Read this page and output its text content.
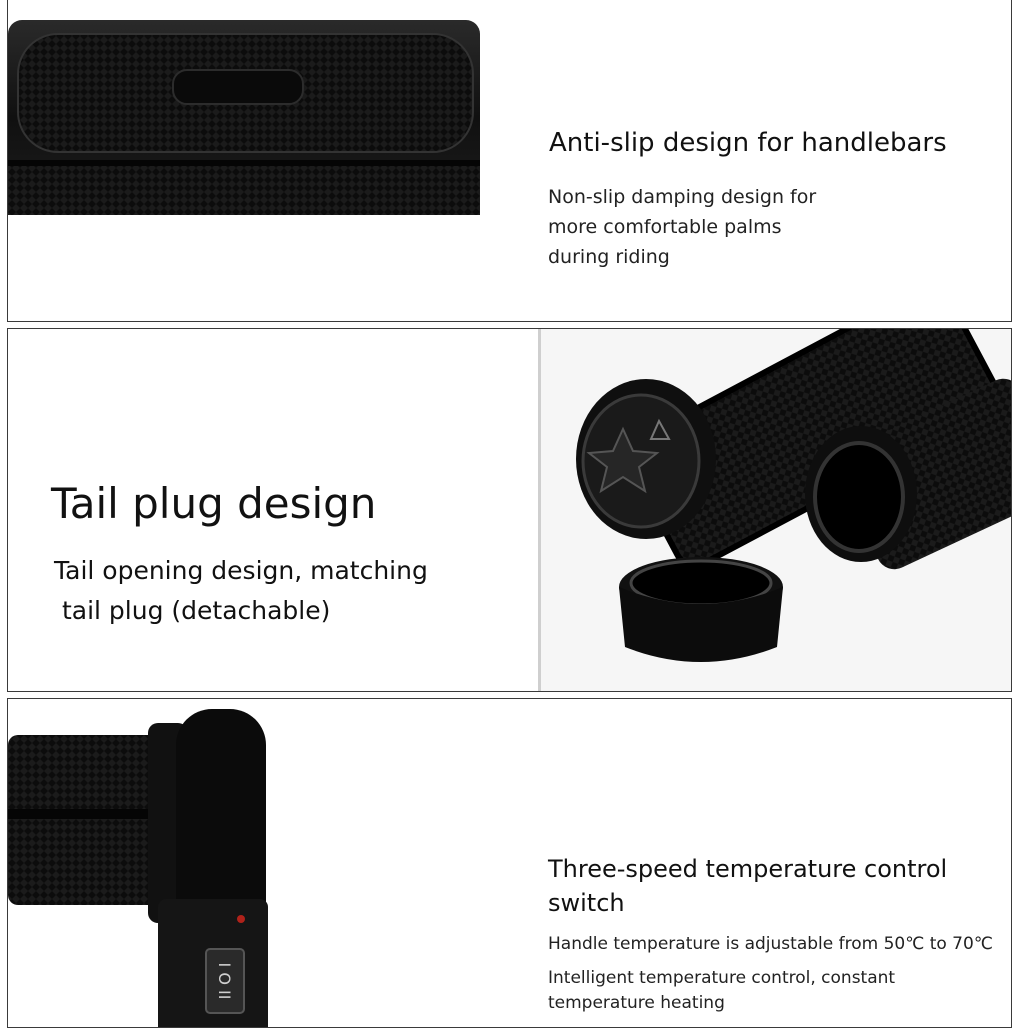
Anti-slip design for handlebars
Non-slip damping design for
more comfortable palms
during riding
Tail plug design
Tail opening design, matching
tail plug (detachable)
I O II
Three-speed temperature control
switch
Handle temperature is adjustable from 50℃ to 70℃
Intelligent temperature control, constant
temperature heating
